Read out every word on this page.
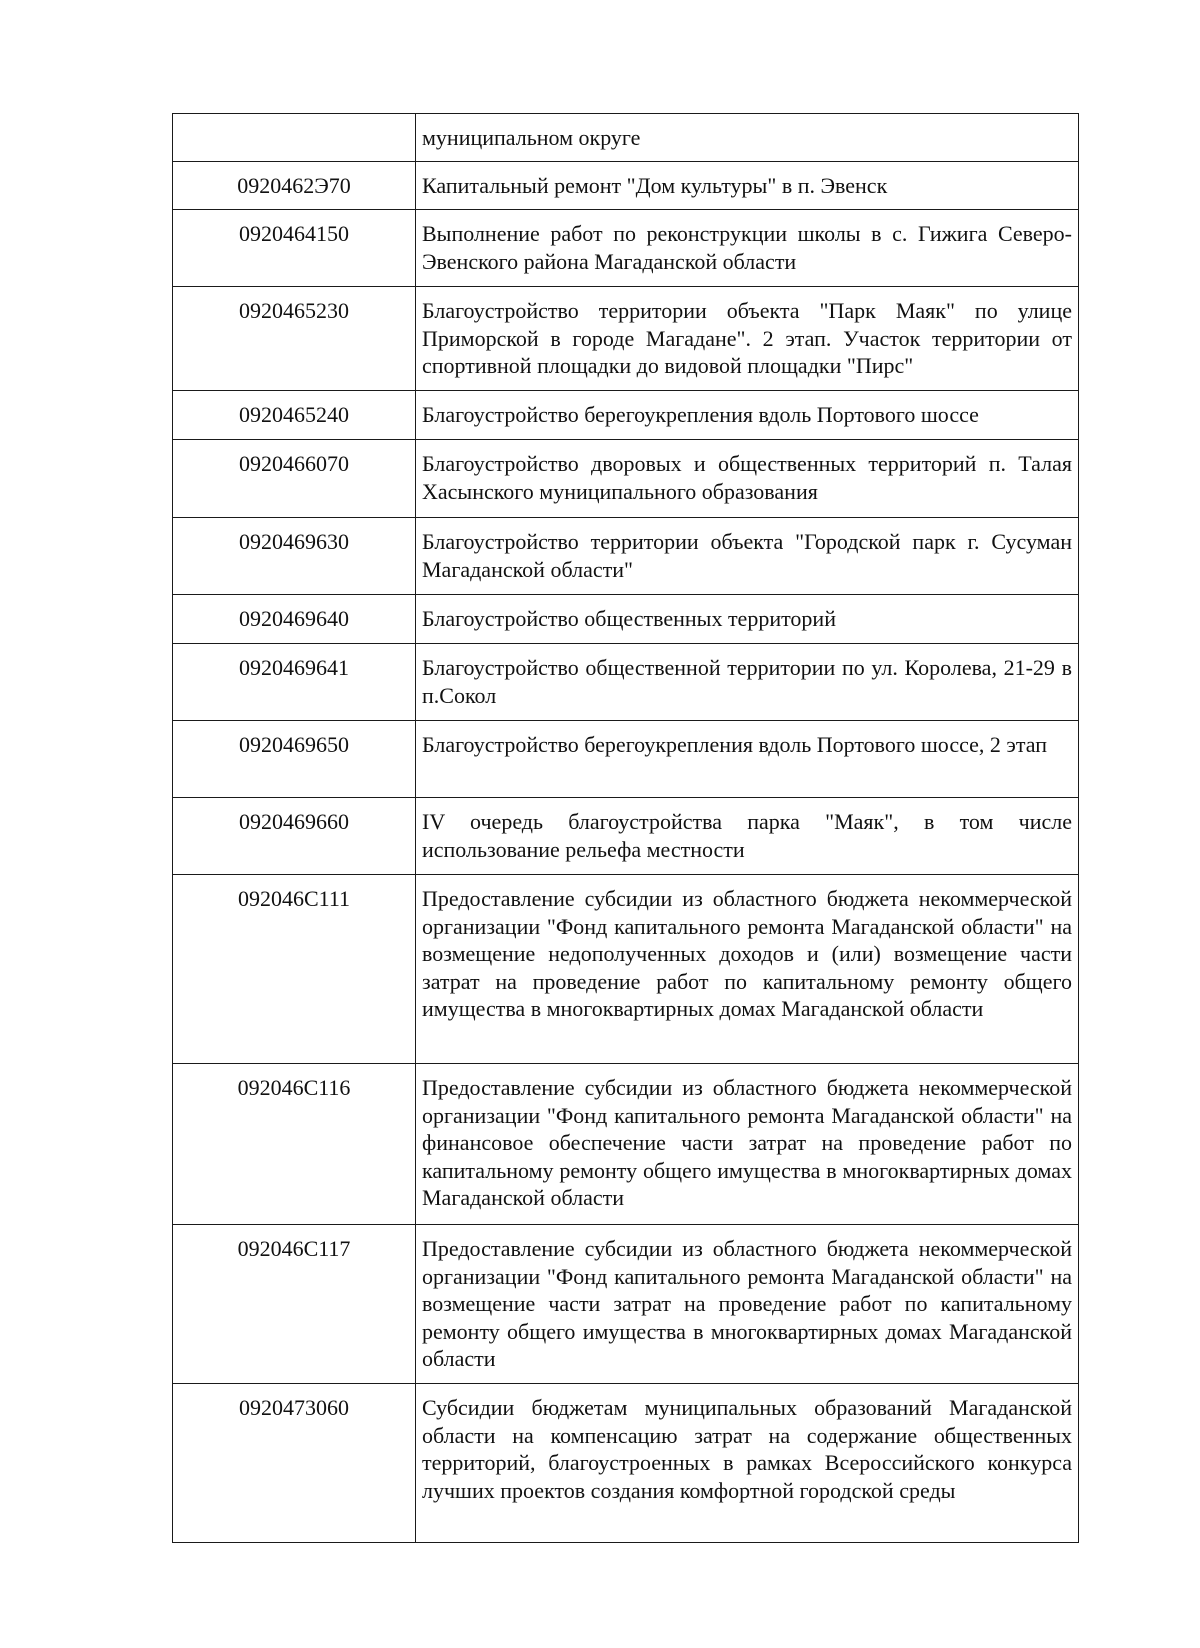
	муниципальном округе
0920462Э70	Капитальный ремонт "Дом культуры" в п. Эвенск
0920464150	Выполнение работ по реконструкции школы в с. Гижига Северо-Эвенского района Магаданской области
0920465230	Благоустройство территории объекта "Парк Маяк" по улице Приморской в городе Магадане". 2 этап. Участок территории от спортивной площадки до видовой площадки "Пирс"
0920465240	Благоустройство берегоукрепления вдоль Портового шоссе
0920466070	Благоустройство дворовых и общественных территорий п. Талая Хасынского муниципального образования
0920469630	Благоустройство территории объекта "Городской парк г. Сусуман Магаданской области"
0920469640	Благоустройство общественных территорий
0920469641	Благоустройство общественной территории по ул. Королева, 21-29 в п.Сокол
0920469650	Благоустройство берегоукрепления вдоль Портового шоссе, 2 этап
0920469660	IV очередь благоустройства парка "Маяк", в том числе использование рельефа местности
092046С111	Предоставление субсидии из областного бюджета некоммерческой организации "Фонд капитального ремонта Магаданской области" на возмещение недополученных доходов и (или) возмещение части затрат на проведение работ по капитальному ремонту общего имущества в многоквартирных домах Магаданской области
092046С116	Предоставление субсидии из областного бюджета некоммерческой организации "Фонд капитального ремонта Магаданской области" на финансовое обеспечение части затрат на проведение работ по капитальному ремонту общего имущества в многоквартирных домах Магаданской области
092046С117	Предоставление субсидии из областного бюджета некоммерческой организации "Фонд капитального ремонта Магаданской области" на возмещение части затрат на проведение работ по капитальному ремонту общего имущества в многоквартирных домах Магаданской области
0920473060	Субсидии бюджетам муниципальных образований Магаданской области на компенсацию затрат на содержание общественных территорий, благоустроенных в рамках Всероссийского конкурса лучших проектов создания комфортной городской среды
